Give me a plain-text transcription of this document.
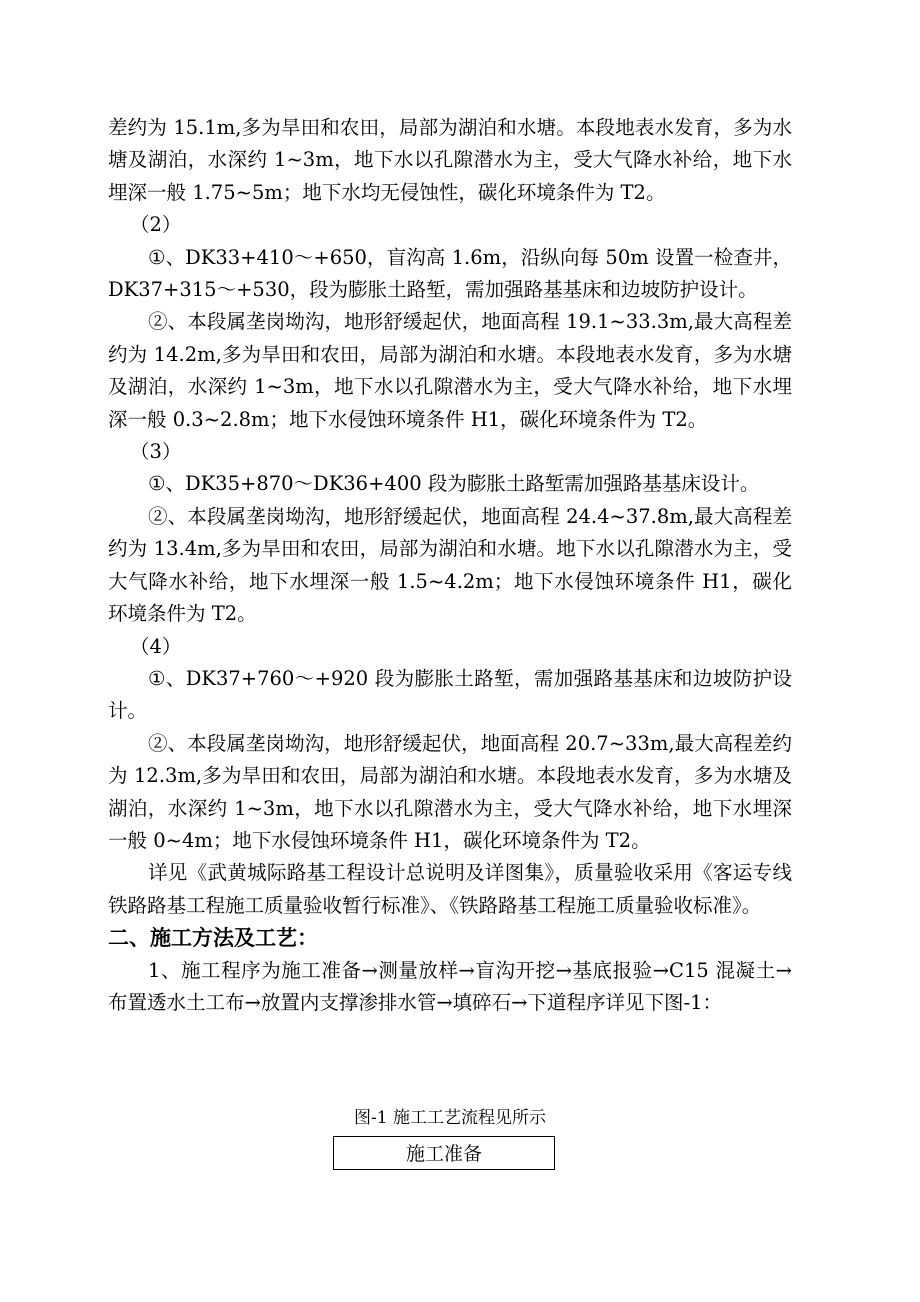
差约为 15.1m,多为旱田和农田，局部为湖泊和水塘。本段地表水发育，多为水塘及湖泊，水深约 1~3m，地下水以孔隙潜水为主，受大气降水补给，地下水埋深一般 1.75~5m；地下水均无侵蚀性，碳化环境条件为 T2。

（2）

①、DK33+410～+650，盲沟高 1.6m，沿纵向每 50m 设置一检查井，DK37+315～+530，段为膨胀土路堑，需加强路基基床和边坡防护设计。

②、本段属垄岗坳沟，地形舒缓起伏，地面高程 19.1~33.3m,最大高程差约为 14.2m,多为旱田和农田，局部为湖泊和水塘。本段地表水发育，多为水塘及湖泊，水深约 1~3m，地下水以孔隙潜水为主，受大气降水补给，地下水埋深一般 0.3~2.8m；地下水侵蚀环境条件 H1，碳化环境条件为 T2。

（3）

①、DK35+870～DK36+400 段为膨胀土路堑需加强路基基床设计。

②、本段属垄岗坳沟，地形舒缓起伏，地面高程 24.4~37.8m,最大高程差约为 13.4m,多为旱田和农田，局部为湖泊和水塘。地下水以孔隙潜水为主，受大气降水补给，地下水埋深一般 1.5~4.2m；地下水侵蚀环境条件 H1，碳化环境条件为 T2。

（4）

①、DK37+760～+920 段为膨胀土路堑，需加强路基基床和边坡防护设计。

②、本段属垄岗坳沟，地形舒缓起伏，地面高程 20.7~33m,最大高程差约为 12.3m,多为旱田和农田，局部为湖泊和水塘。本段地表水发育，多为水塘及湖泊，水深约 1~3m，地下水以孔隙潜水为主，受大气降水补给，地下水埋深一般 0~4m；地下水侵蚀环境条件 H1，碳化环境条件为 T2。

详见《武黄城际路基工程设计总说明及详图集》，质量验收采用《客运专线铁路路基工程施工质量验收暂行标准》、《铁路路基工程施工质量验收标准》。

二、施工方法及工艺：

1、施工程序为施工准备→测量放样→盲沟开挖→基底报验→C15 混凝土→布置透水土工布→放置内支撑渗排水管→填碎石→下道程序详见下图-1：

图-1 施工工艺流程见所示
施工准备
